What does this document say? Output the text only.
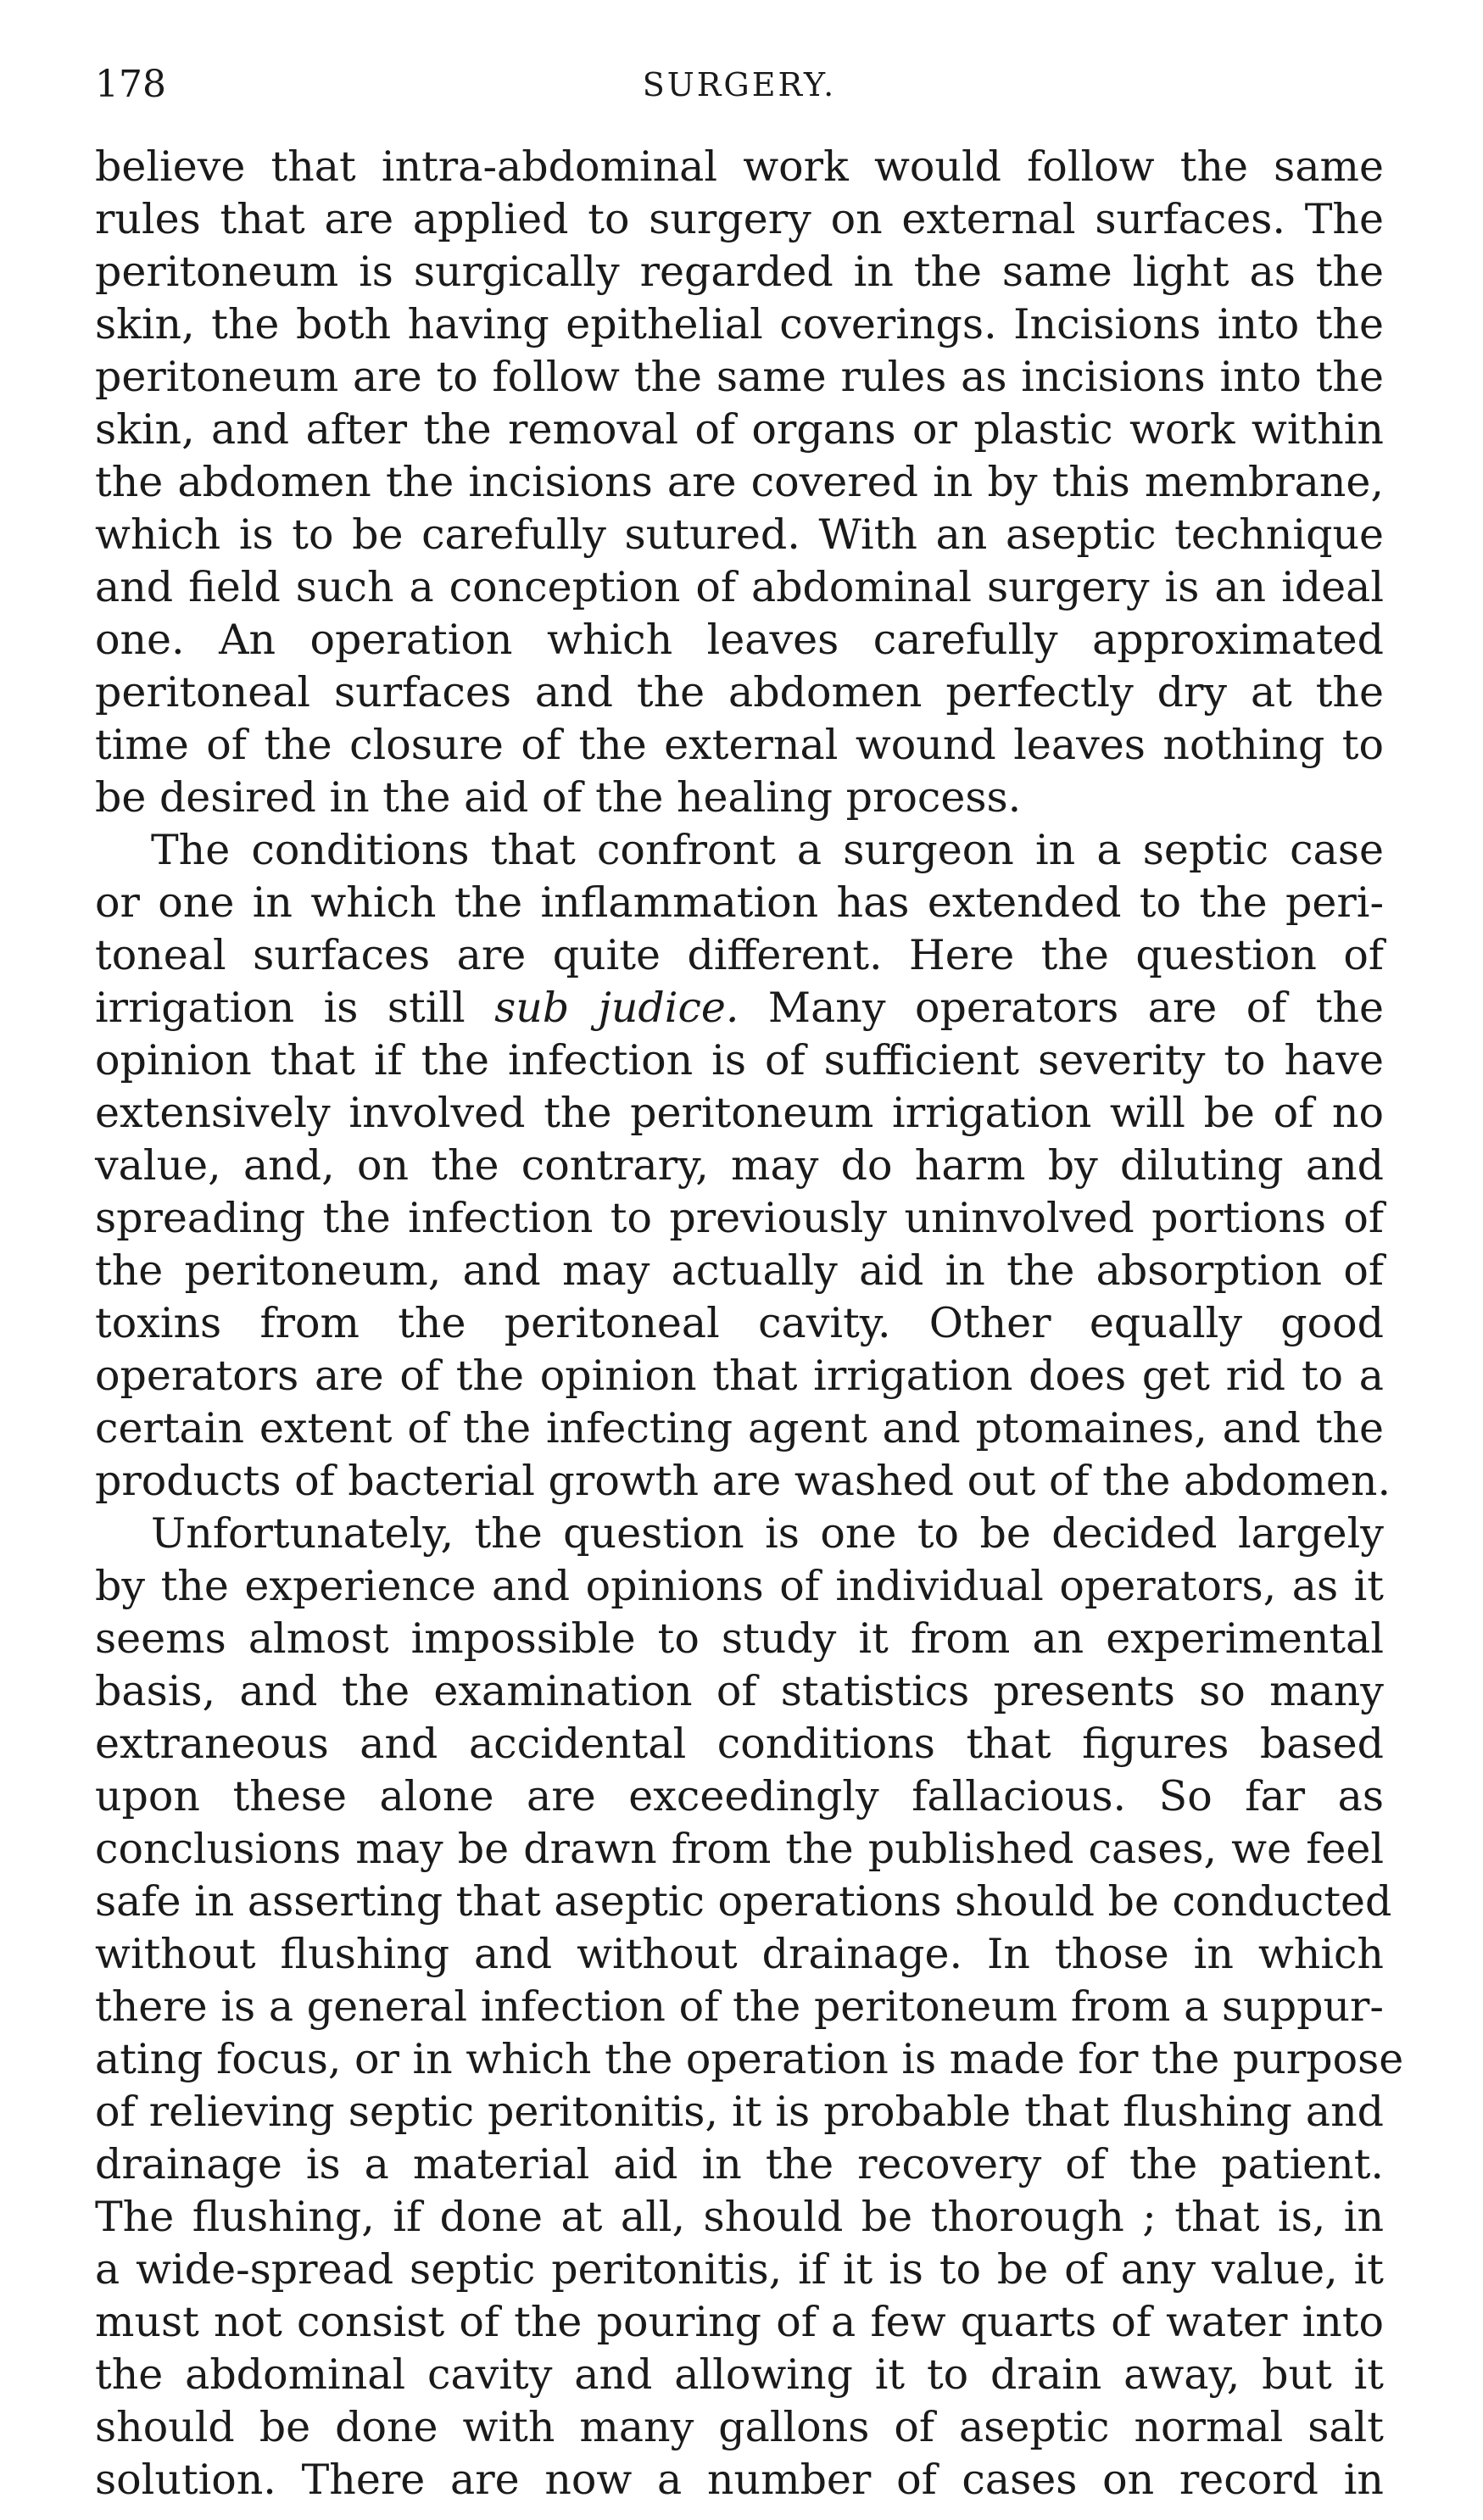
178	SURGERY.

believe that intra-abdominal work would follow the same
rules that are applied to surgery on external surfaces. The
peritoneum is surgically regarded in the same light as the
skin, the both having epithelial coverings. Incisions into the
peritoneum are to follow the same rules as incisions into the
skin, and after the removal of organs or plastic work within
the abdomen the incisions are covered in by this membrane,
which is to be carefully sutured. With an aseptic technique
and field such a conception of abdominal surgery is an ideal
one. An operation which leaves carefully approximated
peritoneal surfaces and the abdomen perfectly dry at the
time of the closure of the external wound leaves nothing to
be desired in the aid of the healing process.

The conditions that confront a surgeon in a septic case
or one in which the inflammation has extended to the peri-
toneal surfaces are quite different. Here the question of
irrigation is still sub judice. Many operators are of the
opinion that if the infection is of sufficient severity to have
extensively involved the peritoneum irrigation will be of no
value, and, on the contrary, may do harm by diluting and
spreading the infection to previously uninvolved portions of
the peritoneum, and may actually aid in the absorption of
toxins from the peritoneal cavity. Other equally good
operators are of the opinion that irrigation does get rid to a
certain extent of the infecting agent and ptomaines, and the
products of bacterial growth are washed out of the abdomen.

Unfortunately, the question is one to be decided largely
by the experience and opinions of individual operators, as it
seems almost impossible to study it from an experimental
basis, and the examination of statistics presents so many
extraneous and accidental conditions that figures based
upon these alone are exceedingly fallacious. So far as
conclusions may be drawn from the published cases, we feel
safe in asserting that aseptic operations should be conducted
without flushing and without drainage. In those in which
there is a general infection of the peritoneum from a suppur-
ating focus, or in which the operation is made for the purpose
of relieving septic peritonitis, it is probable that flushing and
drainage is a material aid in the recovery of the patient.
The flushing, if done at all, should be thorough ; that is, in
a wide-spread septic peritonitis, if it is to be of any value, it
must not consist of the pouring of a few quarts of water into
the abdominal cavity and allowing it to drain away, but it
should be done with many gallons of aseptic normal salt
solution. There are now a number of cases on record in
